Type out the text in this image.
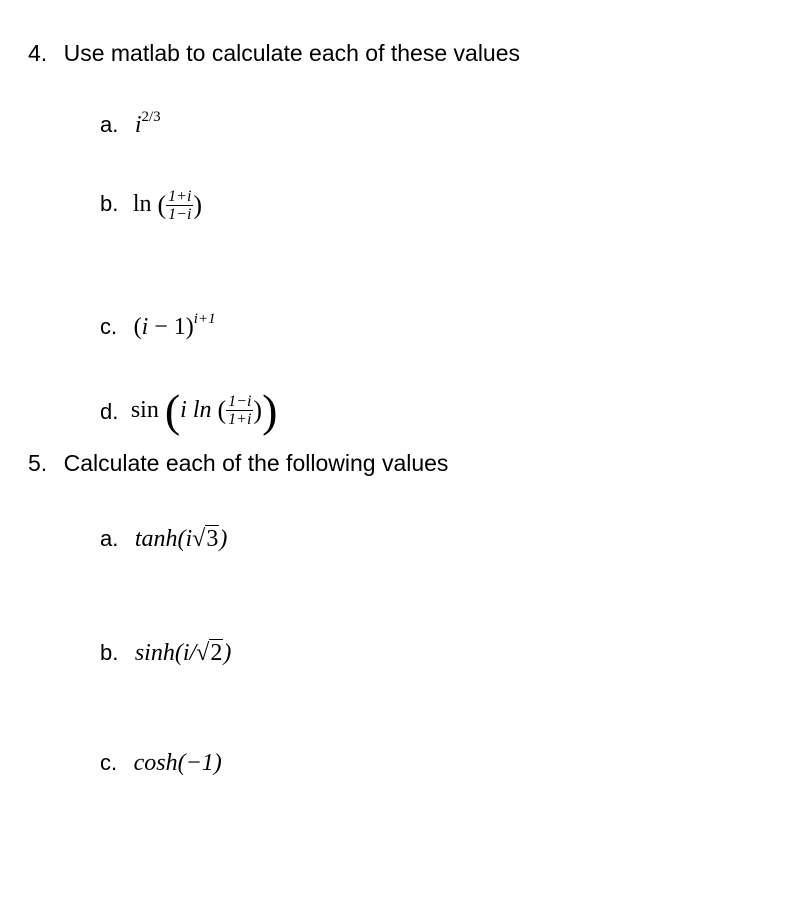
4. Use matlab to calculate each of these values
a. $i^{2/3}$
b. ln ( $\frac{1+i}{1-i}$ )
c. $(i - 1)^{i+1}$
d. sin (i ln ( $\frac{1-i}{1+i}$ ))
5. Calculate each of the following values
a. tanh(i√3)
b. sinh(i/√2)
c. cosh(−1)
